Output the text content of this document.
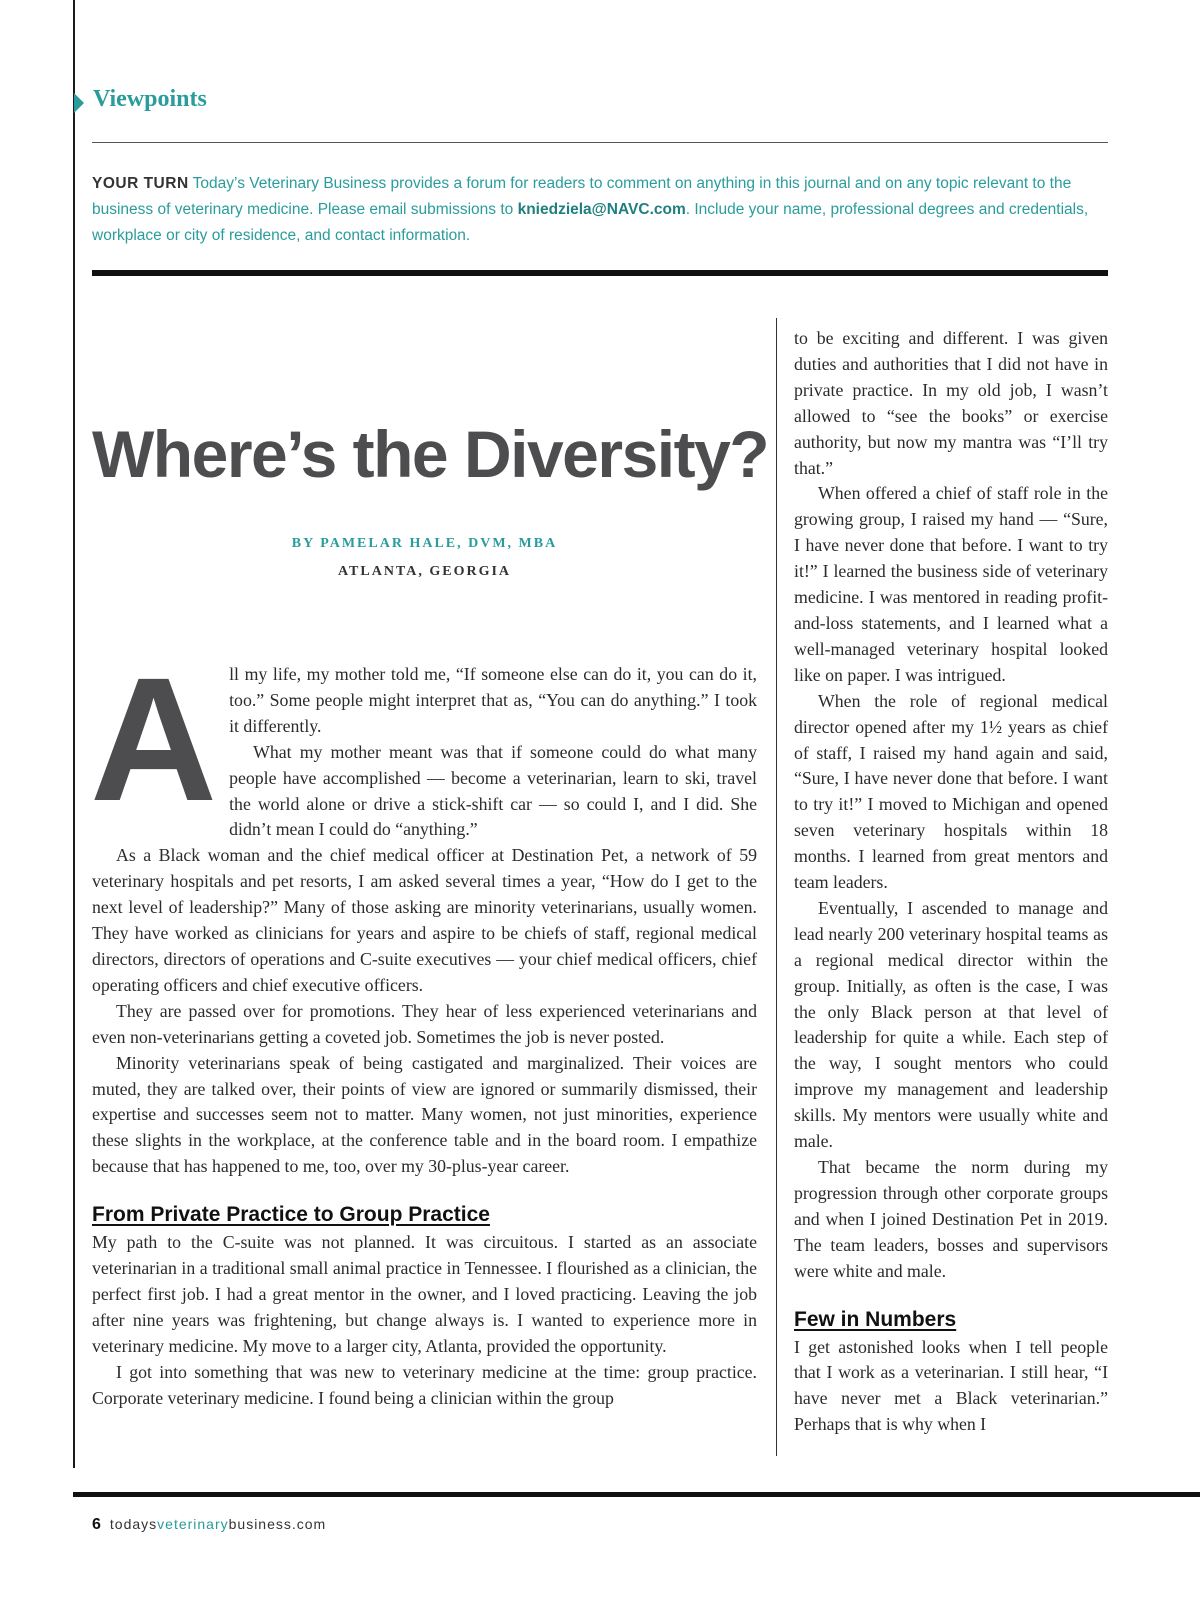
Viewpoints
YOUR TURN Today’s Veterinary Business provides a forum for readers to comment on anything in this journal and on any topic relevant to the business of veterinary medicine. Please email submissions to kniedziela@NAVC.com. Include your name, professional degrees and credentials, workplace or city of residence, and contact information.
Where’s the Diversity?
BY PAMELAR HALE, DVM, MBA
ATLANTA, GEORGIA

All my life, my mother told me, “If someone else can do it, you can do it, too.” Some people might interpret that as, “You can do anything.” I took it differently.

What my mother meant was that if someone could do what many people have accomplished — become a veterinarian, learn to ski, travel the world alone or drive a stick-shift car — so could I, and I did. She didn’t mean I could do “anything.”

As a Black woman and the chief medical officer at Destination Pet, a network of 59 veterinary hospitals and pet resorts, I am asked several times a year, “How do I get to the next level of leadership?” Many of those asking are minority veterinarians, usually women. They have worked as clinicians for years and aspire to be chiefs of staff, regional medical directors, directors of operations and C-suite executives — your chief medical officers, chief operating officers and chief executive officers.

They are passed over for promotions. They hear of less experienced veterinarians and even non-veterinarians getting a coveted job. Sometimes the job is never posted.

Minority veterinarians speak of being castigated and marginalized. Their voices are muted, they are talked over, their points of view are ignored or summarily dismissed, their expertise and successes seem not to matter. Many women, not just minorities, experience these slights in the workplace, at the conference table and in the board room. I empathize because that has happened to me, too, over my 30-plus-year career.

From Private Practice to Group Practice

My path to the C-suite was not planned. It was circuitous. I started as an associate veterinarian in a traditional small animal practice in Tennessee. I flourished as a clinician, the perfect first job. I had a great mentor in the owner, and I loved practicing. Leaving the job after nine years was frightening, but change always is. I wanted to experience more in veterinary medicine. My move to a larger city, Atlanta, provided the opportunity.

I got into something that was new to veterinary medicine at the time: group practice. Corporate veterinary medicine. I found being a clinician within the group

to be exciting and different. I was given duties and authorities that I did not have in private practice. In my old job, I wasn’t allowed to “see the books” or exercise authority, but now my mantra was “I’ll try that.”

When offered a chief of staff role in the growing group, I raised my hand — “Sure, I have never done that before. I want to try it!” I learned the business side of veterinary medicine. I was mentored in reading profit-and-loss statements, and I learned what a well-managed veterinary hospital looked like on paper. I was intrigued.

When the role of regional medical director opened after my 1½ years as chief of staff, I raised my hand again and said, “Sure, I have never done that before. I want to try it!” I moved to Michigan and opened seven veterinary hospitals within 18 months. I learned from great mentors and team leaders.

Eventually, I ascended to manage and lead nearly 200 veterinary hospital teams as a regional medical director within the group. Initially, as often is the case, I was the only Black person at that level of leadership for quite a while. Each step of the way, I sought mentors who could improve my management and leadership skills. My mentors were usually white and male.

That became the norm during my progression through other corporate groups and when I joined Destination Pet in 2019. The team leaders, bosses and supervisors were white and male.

Few in Numbers

I get astonished looks when I tell people that I work as a veterinarian. I still hear, “I have never met a Black veterinarian.” Perhaps that is why when I

6 todaysveterinarybusiness.com
